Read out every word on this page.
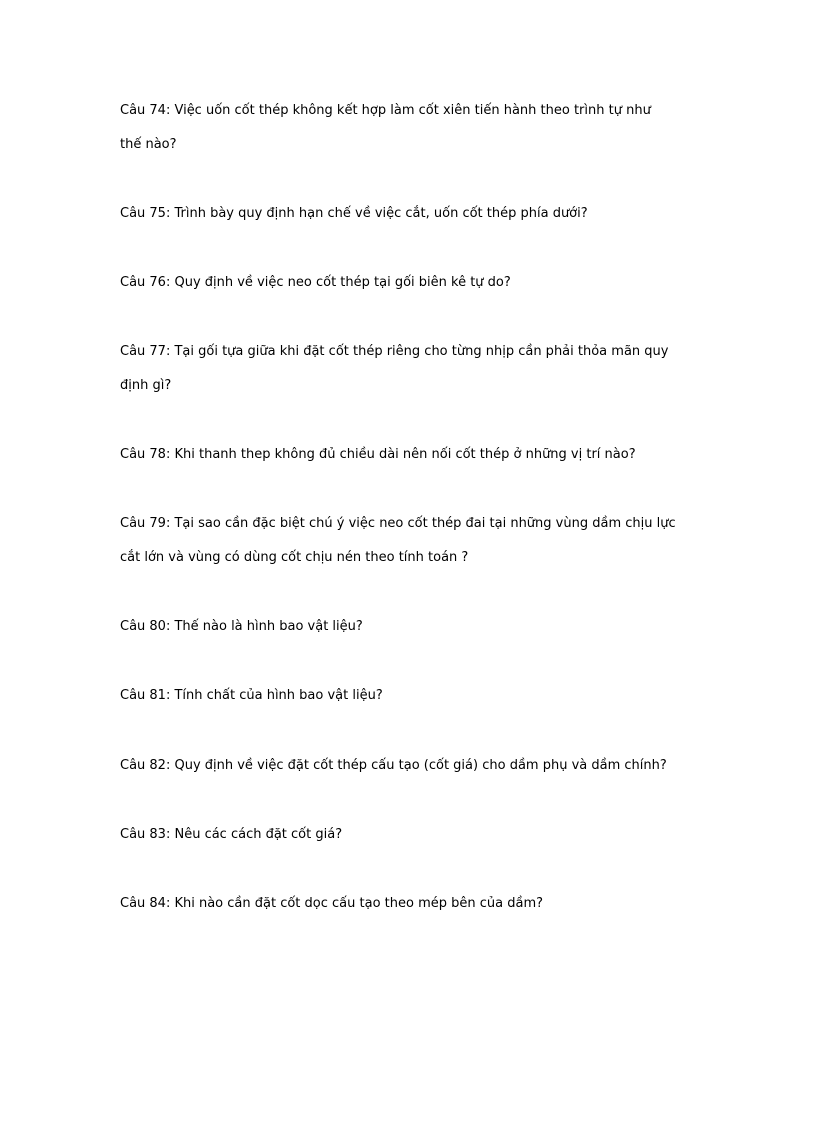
Câu 74: Việc uốn cốt thép không kết hợp làm cốt xiên tiến hành theo trình tự như
thế nào?

Câu 75: Trình bày quy định hạn chế về việc cắt, uốn cốt thép phía dưới?

Câu 76: Quy định về việc neo cốt thép tại gối biên kê tự do?

Câu 77: Tại gối tựa giữa khi đặt cốt thép riêng cho từng nhịp cần phải thỏa mãn quy
định gì?

Câu 78: Khi thanh thep không đủ chiều dài nên nối cốt thép ở những vị trí nào?

Câu 79: Tại sao cần đặc biệt chú ý việc neo cốt thép đai tại những vùng dầm chịu lực
cắt lớn và vùng có dùng cốt chịu nén theo tính toán ?

Câu 80: Thế nào là hình bao vật liệu?

Câu 81: Tính chất của hình bao vật liệu?

Câu 82: Quy định về việc đặt cốt thép cấu tạo (cốt giá) cho dầm phụ và dầm chính?

Câu 83: Nêu các cách đặt cốt giá?

Câu 84: Khi nào cần đặt cốt dọc cấu tạo theo mép bên của dầm?
